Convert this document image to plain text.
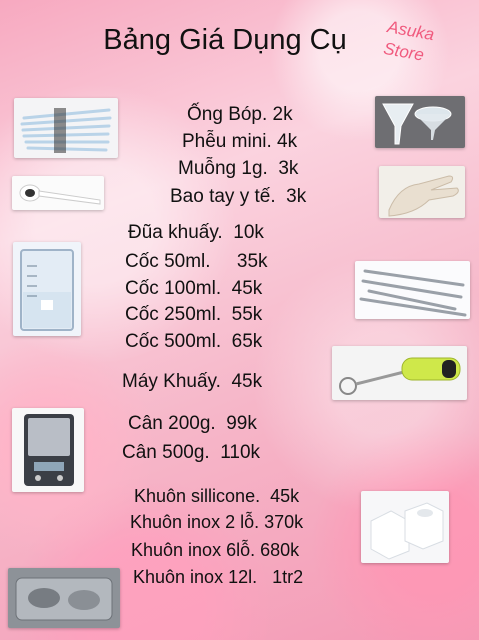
Bảng Giá Dụng Cụ	Asuka
Store
Ống Bóp. 2k
Phễu mini. 4k
Muỗng 1g.  3k
Bao tay y tế.  3k
Đũa khuấy.  10k
Cốc 50ml.     35k
Cốc 100ml.  45k
Cốc 250ml.  55k
Cốc 500ml.  65k
Máy Khuấy.  45k
Cân 200g.  99k
Cân 500g.  110k
Khuôn sillicone.  45k
Khuôn inox 2 lỗ. 370k
Khuôn inox 6lỗ. 680k
Khuôn inox 12l.   1tr2
